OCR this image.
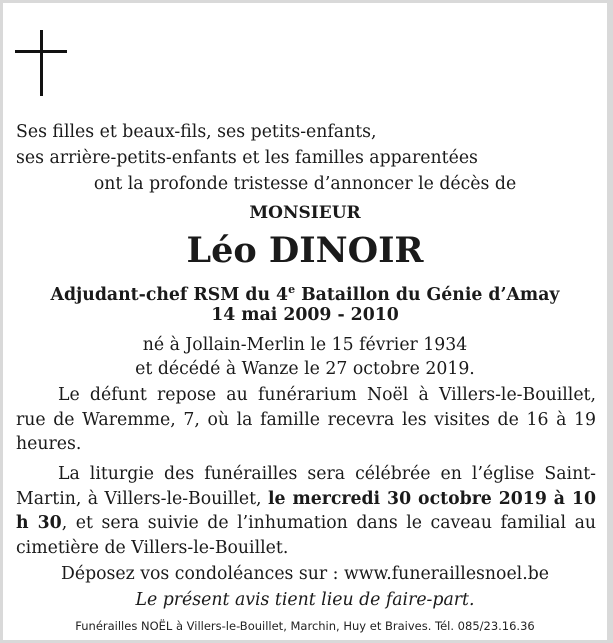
Ses filles et beaux-fils, ses petits-enfants,
ses arrière-petits-enfants et les familles apparentées
ont la profonde tristesse d’annoncer le décès de
MONSIEUR
Léo DINOIR
Adjudant-chef RSM du 4e Bataillon du Génie d’Amay
14 mai 2009 - 2010
né à Jollain-Merlin le 15 février 1934
et décédé à Wanze le 27 octobre 2019.
Le défunt repose au funérarium Noël à Villers-le-Bouillet, rue de Waremme, 7, où la famille recevra les visites de 16 à 19 heures.
La liturgie des funérailles sera célébrée en l’église Saint-Martin, à Villers-le-Bouillet, le mercredi 30 octobre 2019 à 10 h 30, et sera suivie de l’inhumation dans le caveau familial au cimetière de Villers-le-Bouillet.
Déposez vos condoléances sur : www.funeraillesnoel.be
Le présent avis tient lieu de faire-part.
Funérailles NOËL à Villers-le-Bouillet, Marchin, Huy et Braives. Tél. 085/23.16.36
